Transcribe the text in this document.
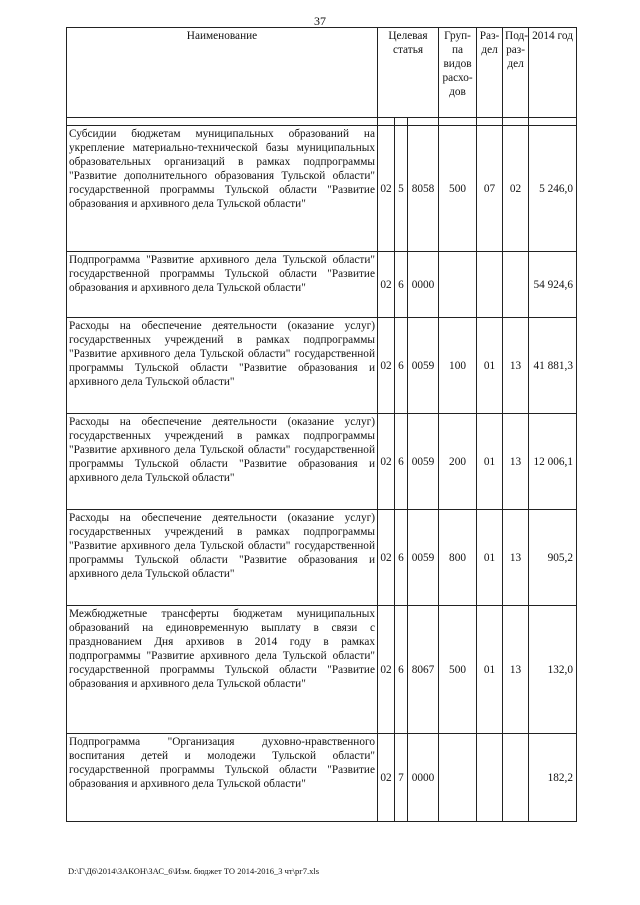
37
Наименование	Целевая статья			Груп-па видов расхо-дов	Раз-дел	Под-раз-дел	2014 год

Субсидии бюджетам муниципальных образований на укрепление материально-технической базы муниципальных образовательных организаций в рамках подпрограммы "Развитие дополнительного образования Тульской области" государственной программы Тульской области "Развитие образования и архивного дела Тульской области"	02	5	8058	500	07	02	5 246,0
Подпрограмма "Развитие архивного дела Тульской области" государственной программы Тульской области "Развитие образования и архивного дела Тульской области"	02	6	0000				54 924,6
Расходы на обеспечение деятельности (оказание услуг) государственных учреждений в рамках подпрограммы "Развитие архивного дела Тульской области" государственной программы Тульской области "Развитие образования и архивного дела Тульской области"	02	6	0059	100	01	13	41 881,3
Расходы на обеспечение деятельности (оказание услуг) государственных учреждений в рамках подпрограммы "Развитие архивного дела Тульской области" государственной программы Тульской области "Развитие образования и архивного дела Тульской области"	02	6	0059	200	01	13	12 006,1
Расходы на обеспечение деятельности (оказание услуг) государственных учреждений в рамках подпрограммы "Развитие архивного дела Тульской области" государственной программы Тульской области "Развитие образования и архивного дела Тульской области"	02	6	0059	800	01	13	905,2
Межбюджетные трансферты бюджетам муниципальных образований на единовременную выплату в связи с празднованием Дня архивов в 2014 году в рамках подпрограммы "Развитие архивного дела Тульской области" государственной программы Тульской области "Развитие образования и архивного дела Тульской области"	02	6	8067	500	01	13	132,0
Подпрограмма "Организация духовно-нравственного воспитания детей и молодежи Тульской области" государственной программы Тульской области "Развитие образования и архивного дела Тульской области"	02	7	0000				182,2
D:\Г\Д6\2014\ЗАКОН\ЗАС_6\Изм. бюджет ТО 2014-2016_3 чт\рг7.xls
